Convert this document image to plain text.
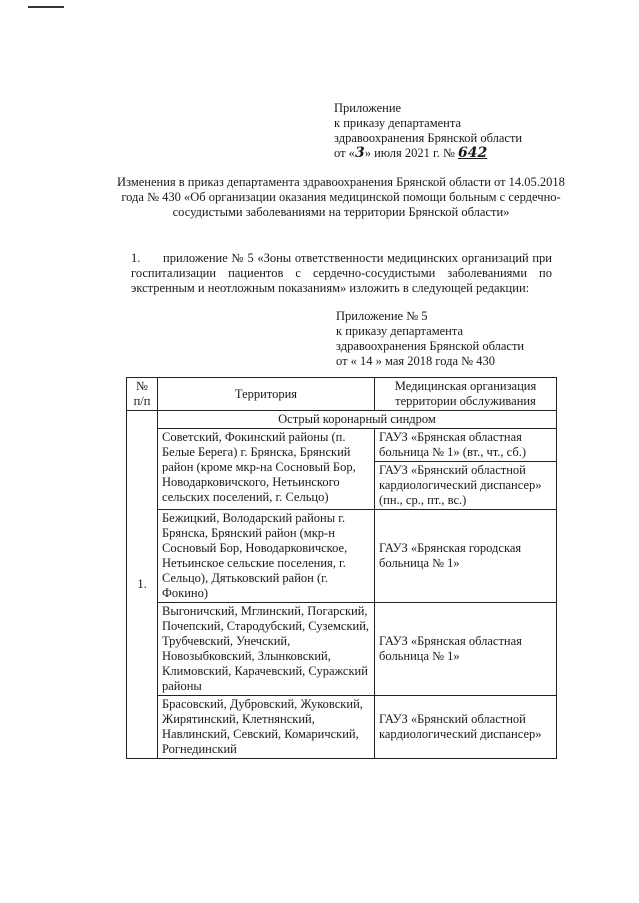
Приложение
к приказу департамента
здравоохранения Брянской области
от «3» июля 2021 г. № 642
Изменения в приказ департамента здравоохранения Брянской области от 14.05.2018 года № 430 «Об организации оказания медицинской помощи больным с сердечно-сосудистыми заболеваниями на территории Брянской области»
1. приложение № 5 «Зоны ответственности медицинских организаций при госпитализации пациентов с сердечно-сосудистыми заболеваниями по экстренным и неотложным показаниям» изложить в следующей редакции:
Приложение № 5
к приказу департамента
здравоохранения Брянской области
от « 14 » мая 2018 года № 430
№ п/п	Территория	Медицинская организация территории обслуживания
1.	Острый коронарный синдром	
	Советский, Фокинский районы (п. Белые Берега) г. Брянска, Брянский район (кроме мкр-на Сосновый Бор, Новодарковичского, Нетьинского сельских поселений, г. Сельцо)	ГАУЗ «Брянская областная больница № 1» (вт., чт., сб.)
		ГАУЗ «Брянский областной кардиологический диспансер» (пн., ср., пт., вс.)
	Бежицкий, Володарский районы г. Брянска, Брянский район (мкр-н Сосновый Бор, Новодарковичское, Нетьинское сельские поселения, г. Сельцо), Дятьковский район (г. Фокино)	ГАУЗ «Брянская городская больница № 1»
	Выгоничский, Мглинский, Погарский, Почепский, Стародубский, Суземский, Трубчевский, Унечский, Новозыбковский, Злынковский, Климовский, Карачевский, Суражский районы	ГАУЗ «Брянская областная больница № 1»
	Брасовский, Дубровский, Жуковский, Жирятинский, Клетнянский, Навлинский, Севский, Комаричский, Рогнединский	ГАУЗ «Брянский областной кардиологический диспансер»
